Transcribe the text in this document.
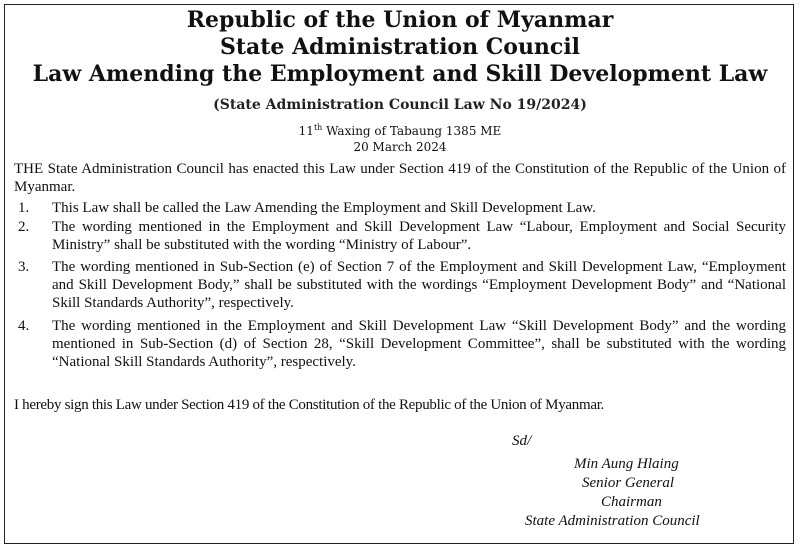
Republic of the Union of Myanmar
State Administration Council
Law Amending the Employment and Skill Development Law
(State Administration Council Law No 19/2024)
11th Waxing of Tabaung 1385 ME
20 March 2024
THE State Administration Council has enacted this Law under Section 419 of the Constitution of the Republic of the Union of Myanmar.
1. This Law shall be called the Law Amending the Employment and Skill Development Law.
2. The wording mentioned in the Employment and Skill Development Law “Labour, Employment and Social Security Ministry” shall be substituted with the wording “Ministry of Labour”.
3. The wording mentioned in Sub-Section (e) of Section 7 of the Employment and Skill Development Law, “Employment and Skill Development Body,” shall be substituted with the wordings “Employment Development Body” and “National Skill Standards Authority”, respectively.
4. The wording mentioned in the Employment and Skill Development Law “Skill Development Body” and the wording mentioned in Sub-Section (d) of Section 28, “Skill Development Committee”, shall be substituted with the wording “National Skill Standards Authority”, respectively.
I hereby sign this Law under Section 419 of the Constitution of the Republic of the Union of Myanmar.
Sd/
Min Aung Hlaing
Senior General
Chairman
State Administration Council
